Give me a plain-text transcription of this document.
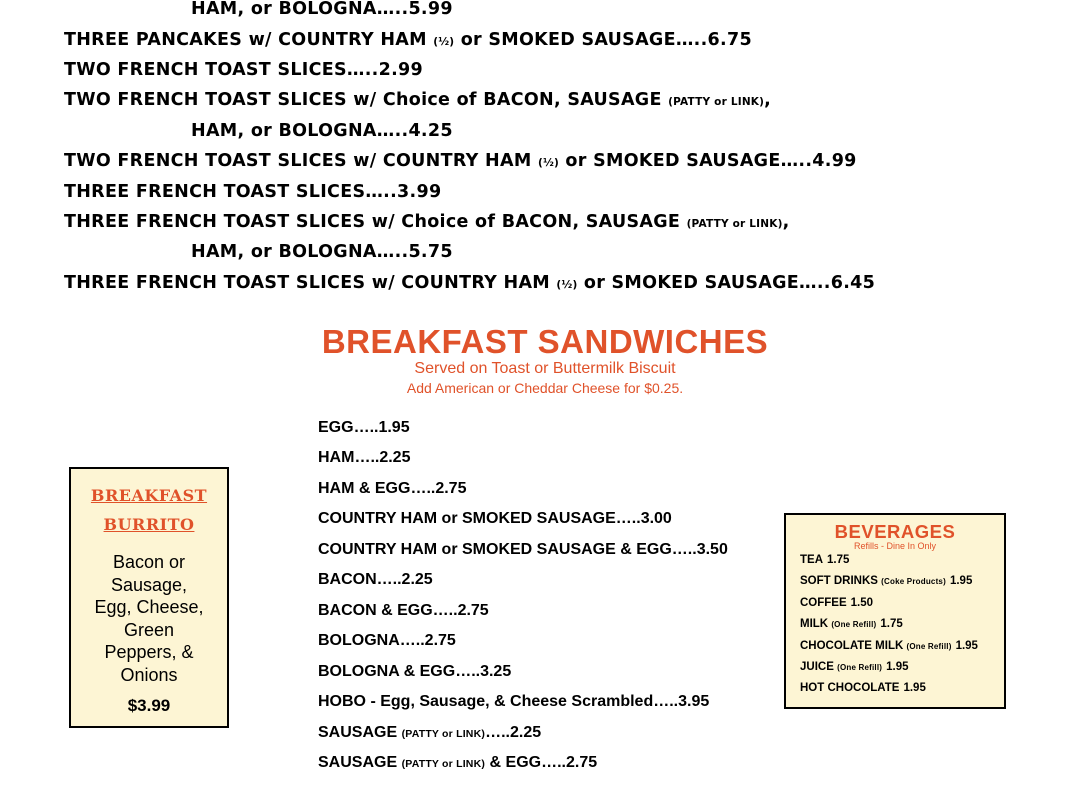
HAM, or BOLOGNA…..5.99
THREE PANCAKES w/ COUNTRY HAM (½) or SMOKED SAUSAGE…..6.75
TWO FRENCH TOAST SLICES…..2.99
TWO FRENCH TOAST SLICES w/ Choice of BACON, SAUSAGE (PATTY or LINK),
HAM, or BOLOGNA…..4.25
TWO FRENCH TOAST SLICES w/ COUNTRY HAM (½) or SMOKED SAUSAGE…..4.99
THREE FRENCH TOAST SLICES…..3.99
THREE FRENCH TOAST SLICES w/ Choice of BACON, SAUSAGE (PATTY or LINK),
HAM, or BOLOGNA…..5.75
THREE FRENCH TOAST SLICES w/ COUNTRY HAM (½) or SMOKED SAUSAGE…..6.45
BREAKFAST SANDWICHES
Served on Toast or Buttermilk Biscuit
Add American or Cheddar Cheese for $0.25.
EGG…..1.95
HAM…..2.25
HAM & EGG…..2.75
COUNTRY HAM or SMOKED SAUSAGE…..3.00
COUNTRY HAM or SMOKED SAUSAGE & EGG…..3.50
BACON…..2.25
BACON & EGG…..2.75
BOLOGNA…..2.75
BOLOGNA & EGG…..3.25
HOBO - Egg, Sausage, & Cheese Scrambled…..3.95
SAUSAGE (PATTY or LINK)…..2.25
SAUSAGE (PATTY or LINK) & EGG…..2.75
BREAKFAST
BURRITO
Bacon or
Sausage,
Egg, Cheese,
Green
Peppers, &
Onions
$3.99
BEVERAGES
Refills - Dine In Only
TEA 1.75
SOFT DRINKS (Coke Products) 1.95
COFFEE 1.50
MILK (One Refill) 1.75
CHOCOLATE MILK (One Refill) 1.95
JUICE (One Refill) 1.95
HOT CHOCOLATE 1.95
